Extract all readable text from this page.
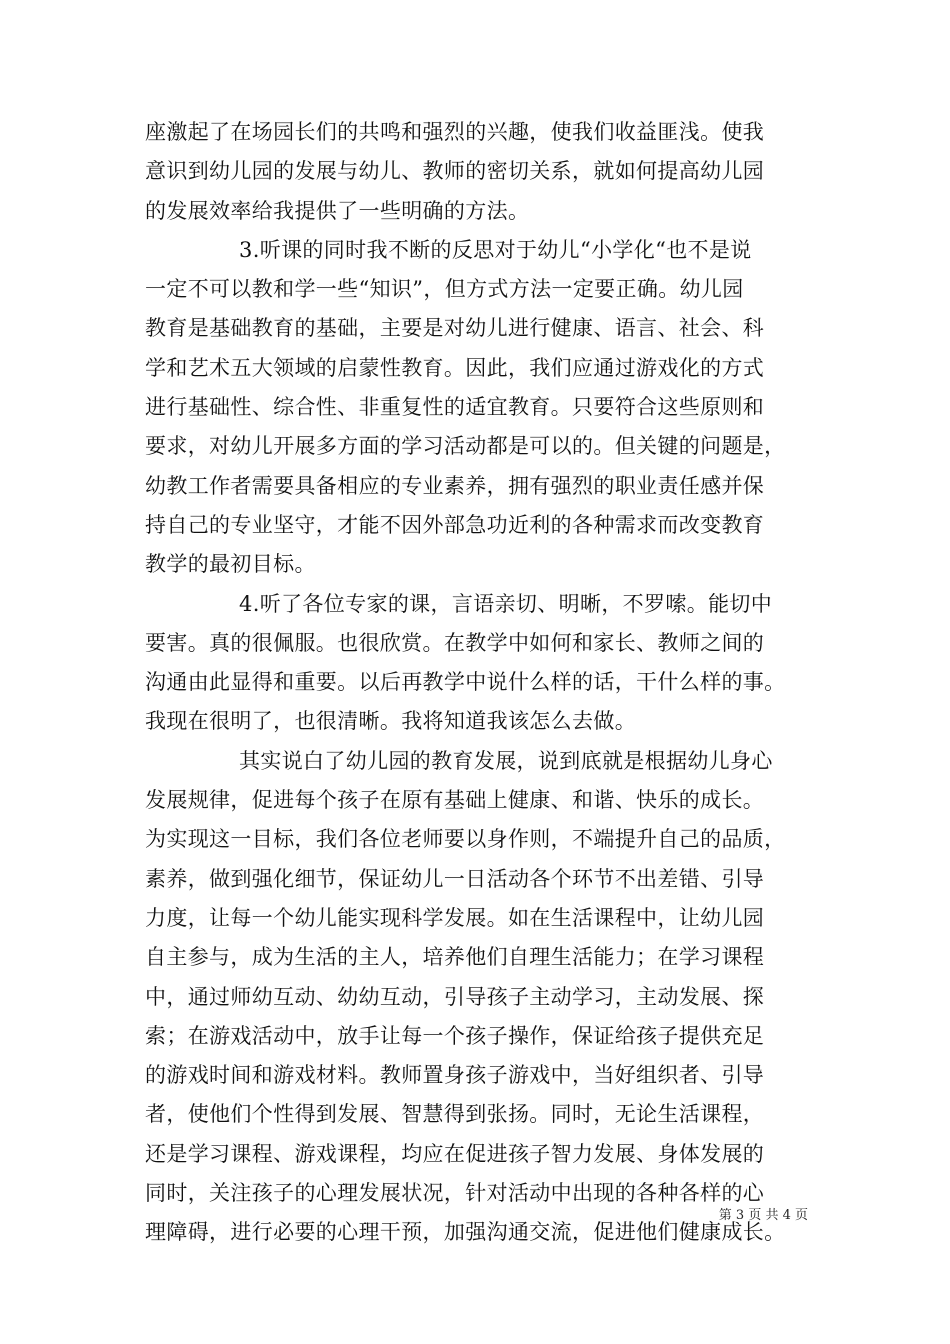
座激起了在场园长们的共鸣和强烈的兴趣，使我们收益匪浅。使我
意识到幼儿园的发展与幼儿、教师的密切关系，就如何提高幼儿园
的发展效率给我提供了一些明确的方法。
3.听课的同时我不断的反思对于幼儿“小学化“也不是说
一定不可以教和学一些“知识”，但方式方法一定要正确。幼儿园
教育是基础教育的基础，主要是对幼儿进行健康、语言、社会、科
学和艺术五大领域的启蒙性教育。因此，我们应通过游戏化的方式
进行基础性、综合性、非重复性的适宜教育。只要符合这些原则和
要求，对幼儿开展多方面的学习活动都是可以的。但关键的问题是，
幼教工作者需要具备相应的专业素养，拥有强烈的职业责任感并保
持自己的专业坚守，才能不因外部急功近利的各种需求而改变教育
教学的最初目标。
4.听了各位专家的课，言语亲切、明晰，不罗嗦。能切中
要害。真的很佩服。也很欣赏。在教学中如何和家长、教师之间的
沟通由此显得和重要。以后再教学中说什么样的话，干什么样的事。
我现在很明了，也很清晰。我将知道我该怎么去做。
其实说白了幼儿园的教育发展，说到底就是根据幼儿身心
发展规律，促进每个孩子在原有基础上健康、和谐、快乐的成长。
为实现这一目标，我们各位老师要以身作则，不端提升自己的品质，
素养，做到强化细节，保证幼儿一日活动各个环节不出差错、引导
力度，让每一个幼儿能实现科学发展。如在生活课程中，让幼儿园
自主参与，成为生活的主人，培养他们自理生活能力；在学习课程
中，通过师幼互动、幼幼互动，引导孩子主动学习，主动发展、探
索；在游戏活动中，放手让每一个孩子操作，保证给孩子提供充足
的游戏时间和游戏材料。教师置身孩子游戏中，当好组织者、引导
者，使他们个性得到发展、智慧得到张扬。同时，无论生活课程，
还是学习课程、游戏课程，均应在促进孩子智力发展、身体发展的
同时，关注孩子的心理发展状况，针对活动中出现的各种各样的心
理障碍，进行必要的心理干预，加强沟通交流，促进他们健康成长。
第 3 页 共 4 页
